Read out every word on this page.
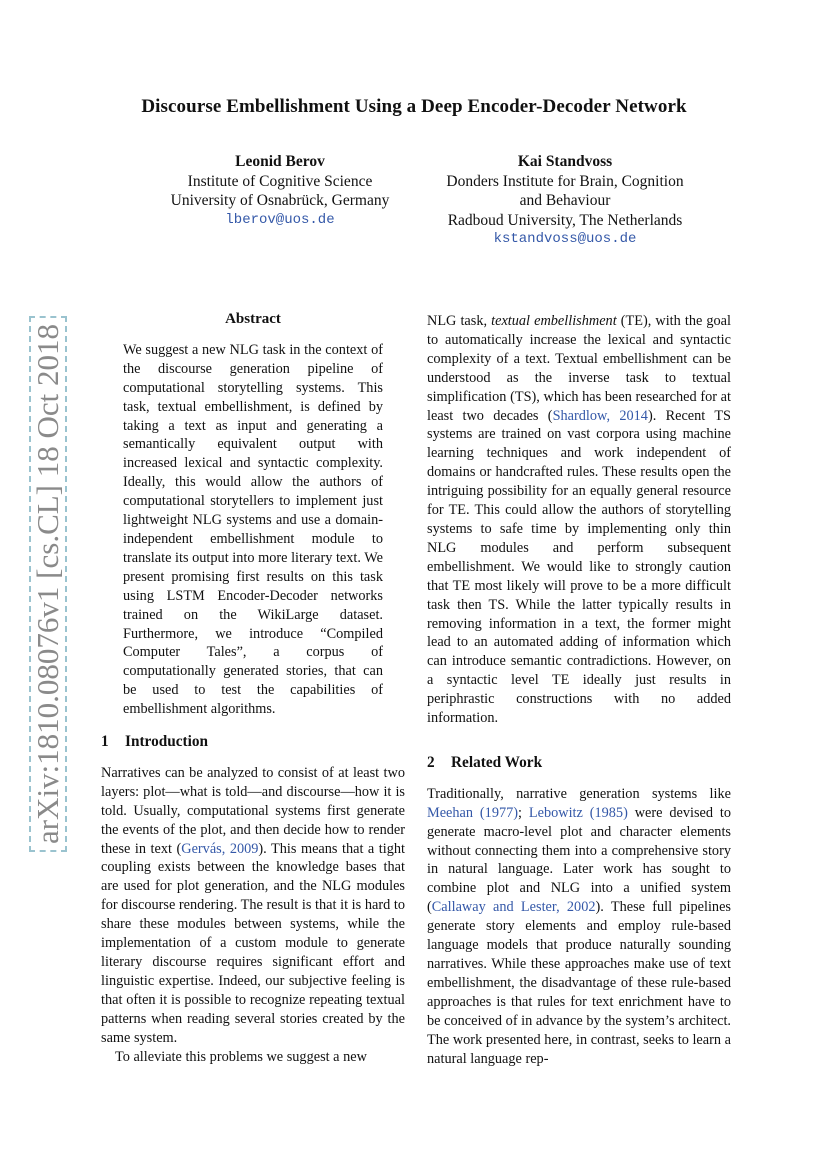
arXiv:1810.08076v1 [cs.CL] 18 Oct 2018
Discourse Embellishment Using a Deep Encoder-Decoder Network
Leonid Berov
Institute of Cognitive Science
University of Osnabrück, Germany
lberov@uos.de
Kai Standvoss
Donders Institute for Brain, Cognition
and Behaviour
Radboud University, The Netherlands
kstandvoss@uos.de
Abstract

We suggest a new NLG task in the context of the discourse generation pipeline of computational storytelling systems. This task, textual embellishment, is defined by taking a text as input and generating a semantically equivalent output with increased lexical and syntactic complexity. Ideally, this would allow the authors of computational storytellers to implement just lightweight NLG systems and use a domain-independent embellishment module to translate its output into more literary text. We present promising first results on this task using LSTM Encoder-Decoder networks trained on the WikiLarge dataset. Furthermore, we introduce “Compiled Computer Tales”, a corpus of computationally generated stories, that can be used to test the capabilities of embellishment algorithms.

1 Introduction

Narratives can be analyzed to consist of at least two layers: plot—what is told—and discourse—how it is told. Usually, computational systems first generate the events of the plot, and then decide how to render these in text (Gervás, 2009). This means that a tight coupling exists between the knowledge bases that are used for plot generation, and the NLG modules for discourse rendering. The result is that it is hard to share these modules between systems, while the implementation of a custom module to generate literary discourse requires significant effort and linguistic expertise. Indeed, our subjective feeling is that often it is possible to recognize repeating textual patterns when reading several stories created by the same system.

To alleviate this problems we suggest a new

NLG task, textual embellishment (TE), with the goal to automatically increase the lexical and syntactic complexity of a text. Textual embellishment can be understood as the inverse task to textual simplification (TS), which has been researched for at least two decades (Shardlow, 2014). Recent TS systems are trained on vast corpora using machine learning techniques and work independent of domains or handcrafted rules. These results open the intriguing possibility for an equally general resource for TE. This could allow the authors of storytelling systems to safe time by implementing only thin NLG modules and perform subsequent embellishment. We would like to strongly caution that TE most likely will prove to be a more difficult task then TS. While the latter typically results in removing information in a text, the former might lead to an automated adding of information which can introduce semantic contradictions. However, on a syntactic level TE ideally just results in periphrastic constructions with no added information.

2 Related Work

Traditionally, narrative generation systems like Meehan (1977); Lebowitz (1985) were devised to generate macro-level plot and character elements without connecting them into a comprehensive story in natural language. Later work has sought to combine plot and NLG into a unified system (Callaway and Lester, 2002). These full pipelines generate story elements and employ rule-based language models that produce naturally sounding narratives. While these approaches make use of text embellishment, the disadvantage of these rule-based approaches is that rules for text enrichment have to be conceived of in advance by the system’s architect. The work presented here, in contrast, seeks to learn a natural language rep-
